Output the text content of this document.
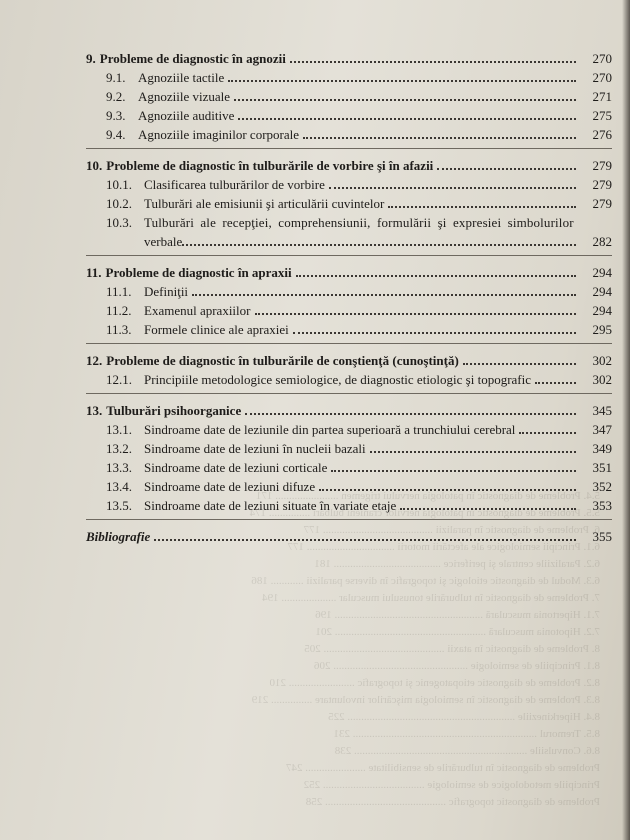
5.4. Probleme de diagnostic în patologia nervului trigemen ....................... 171
5.5. Probleme de diagnostic în patologia nervilor cranieni bulbari ............... 174
6. Probleme de diagnostic în paralizii ........................................ 177
6.1. Principii semiologice ale afectării motorii ................................ 177
6.2. Paraliziile centrale şi periferice ....................................... 181
6.3. Modul de diagnostic etiologic şi topografic în diverse paralizii ............ 186
7. Probleme de diagnostic în tulburările tonusului muscular .................... 194
7.1. Hipertonia musculară ...................................................... 196
7.2. Hipotonia musculară ....................................................... 201
8. Probleme de diagnostic în ataxii ............................................ 205
8.1. Principiile de semiologie ................................................. 206
8.2. Probleme de diagnostic etiopatogenic şi topografic ........................ 210
8.3. Probleme de diagnostic în semiologia mişcărilor involuntare ............... 219
8.4. Hiperkineziile ............................................................. 225
8.5. Tremorul ................................................................... 231
8.6. Convulsiile ............................................................... 238
Probleme de diagnostic în tulburările de sensibilitate ...................... 247
Principiile metodologice de semiologie ..................................... 252
Probleme de diagnostic topografic ............................................ 258
9. Probleme de diagnostic în agnozii	270
9.1. Agnoziile tactile	270
9.2. Agnoziile vizuale	271
9.3. Agnoziile auditive	275
9.4. Agnoziile imaginilor corporale	276
10. Probleme de diagnostic în tulburările de vorbire şi în afazii	279
10.1. Clasificarea tulburărilor de vorbire	279
10.2. Tulburări ale emisiunii şi articulării cuvintelor	279
10.3. Tulburări ale recepţiei, comprehensiunii, formulării şi expresiei simbolurilor
verbale	282
11. Probleme de diagnostic în apraxii	294
11.1. Definiţii	294
11.2. Examenul apraxiilor	294
11.3. Formele clinice ale apraxiei	295
12. Probleme de diagnostic în tulburările de conştienţă (cunoştinţă)	302
12.1. Principiile metodologice semiologice, de diagnostic etiologic şi topografic	302
13. Tulburări psihoorganice	345
13.1. Sindroame date de leziunile din partea superioară a trunchiului cerebral	347
13.2. Sindroame date de leziuni în nucleii bazali	349
13.3. Sindroame date de leziuni corticale	351
13.4. Sindroame date de leziuni difuze	352
13.5. Sindroame date de leziuni situate în variate etaje	353
Bibliografie	355
